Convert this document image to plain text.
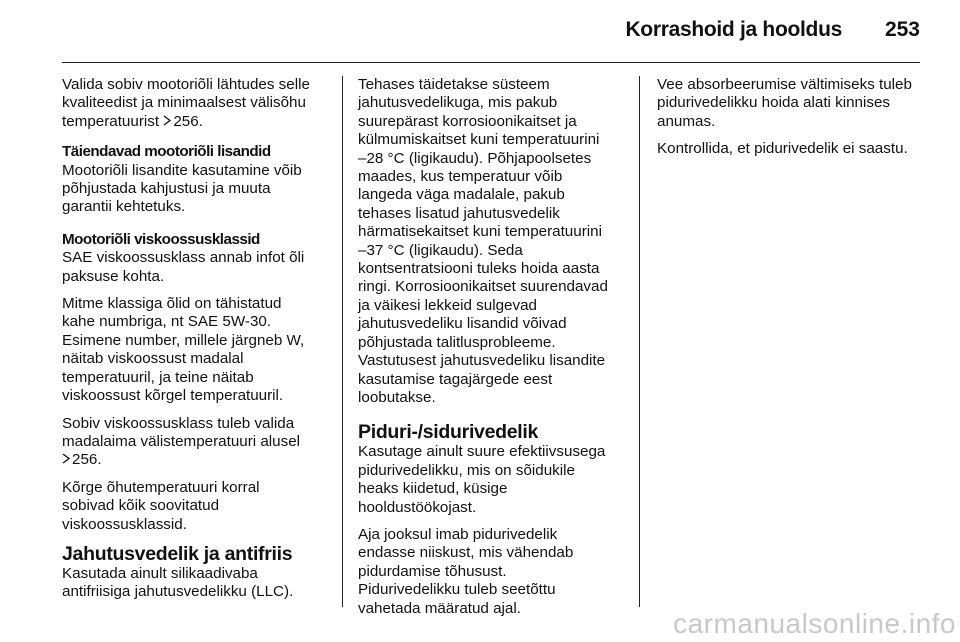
Korrashoid ja hooldus 253

Valida sobiv mootoriõli lähtudes selle
kvaliteedist ja minimaalsest välisõhu
temperatuurist 256.

Täiendavad mootoriõli lisandid

Mootoriõli lisandite kasutamine võib
põhjustada kahjustusi ja muuta
garantii kehtetuks.

Mootoriõli viskoossusklassid

SAE viskoossusklass annab infot õli
paksuse kohta.

Mitme klassiga õlid on tähistatud
kahe numbriga, nt SAE 5W-30.
Esimene number, millele järgneb W,
näitab viskoossust madalal
temperatuuril, ja teine näitab
viskoossust kõrgel temperatuuril.

Sobiv viskoossusklass tuleb valida
madalaima välistemperatuuri alusel
256.

Kõrge õhutemperatuuri korral
sobivad kõik soovitatud
viskoossusklassid.

Jahutusvedelik ja antifriis

Kasutada ainult silikaadivaba
antifriisiga jahutusvedelikku (LLC).

Tehases täidetakse süsteem
jahutusvedelikuga, mis pakub
suurepärast korrosioonikaitset ja
külmumiskaitset kuni temperatuurini
–28 °C (ligikaudu). Põhjapoolsetes
maades, kus temperatuur võib
langeda väga madalale, pakub
tehases lisatud jahutusvedelik
härmatisekaitset kuni temperatuurini
–37 °C (ligikaudu). Seda
kontsentratsiooni tuleks hoida aasta
ringi. Korrosioonikaitset suurendavad
ja väikesi lekkeid sulgevad
jahutusvedeliku lisandid võivad
põhjustada talitlusprobleeme.
Vastutusest jahutusvedeliku lisandite
kasutamise tagajärgede eest
loobutakse.

Piduri-/sidurivedelik

Kasutage ainult suure efektiivsusega
pidurivedelikku, mis on sõidukile
heaks kiidetud, küsige
hooldustöökojast.

Aja jooksul imab pidurivedelik
endasse niiskust, mis vähendab
pidurdamise tõhusust.
Pidurivedelikku tuleb seetõttu
vahetada määratud ajal.

Vee absorbeerumise vältimiseks tuleb
pidurivedelikku hoida alati kinnises
anumas.

Kontrollida, et pidurivedelik ei saastu.

carmanualsonline.info
